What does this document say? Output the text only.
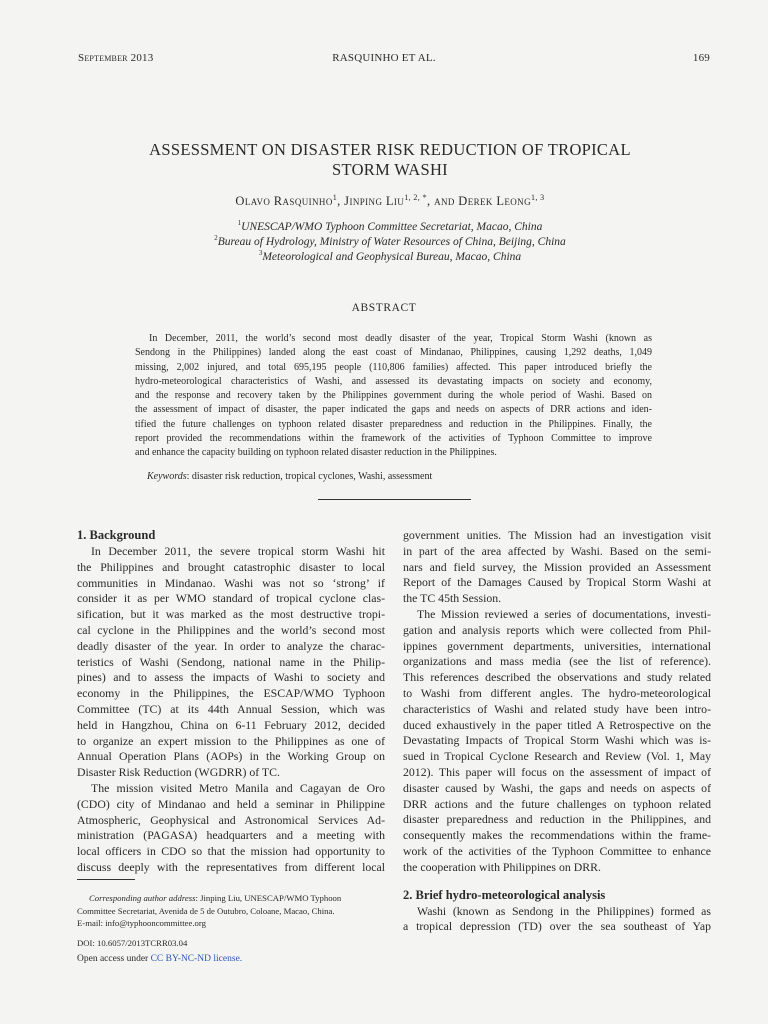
September 2013	RASQUINHO ET AL.	169
ASSESSMENT ON DISASTER RISK REDUCTION OF TROPICAL
STORM WASHI
Olavo Rasquinho$^1$, Jinping Liu$^{1, 2, *}$, and Derek Leong$^{1, 3}$
$^1$UNESCAP/WMO Typhoon Committee Secretariat, Macao, China
$^2$Bureau of Hydrology, Ministry of Water Resources of China, Beijing, China
$^3$Meteorological and Geophysical Bureau, Macao, China
ABSTRACT
In December, 2011, the world’s second most deadly disaster of the year, Tropical Storm Washi (known as
Sendong in the Philippines) landed along the east coast of Mindanao, Philippines, causing 1,292 deaths, 1,049
missing, 2,002 injured, and total 695,195 people (110,806 families) affected. This paper introduced briefly the
hydro-meteorological characteristics of Washi, and assessed its devastating impacts on society and economy,
and the response and recovery taken by the Philippines government during the whole period of Washi. Based on
the assessment of impact of disaster, the paper indicated the gaps and needs on aspects of DRR actions and iden-
tified the future challenges on typhoon related disaster preparedness and reduction in the Philippines. Finally, the
report provided the recommendations within the framework of the activities of Typhoon Committee to improve
and enhance the capacity building on typhoon related disaster reduction in the Philippines.
Keywords: disaster risk reduction, tropical cyclones, Washi, assessment
1. Background
In December 2011, the severe tropical storm Washi hit
the Philippines and brought catastrophic disaster to local
communities in Mindanao. Washi was not so ‘strong’ if
consider it as per WMO standard of tropical cyclone clas-
sification, but it was marked as the most destructive tropi-
cal cyclone in the Philippines and the world’s second most
deadly disaster of the year. In order to analyze the charac-
teristics of Washi (Sendong, national name in the Philip-
pines) and to assess the impacts of Washi to society and
economy in the Philippines, the ESCAP/WMO Typhoon
Committee (TC) at its 44th Annual Session, which was
held in Hangzhou, China on 6-11 February 2012, decided
to organize an expert mission to the Philippines as one of
Annual Operation Plans (AOPs) in the Working Group on
Disaster Risk Reduction (WGDRR) of TC.
The mission visited Metro Manila and Cagayan de Oro
(CDO) city of Mindanao and held a seminar in Philippine
Atmospheric, Geophysical and Astronomical Services Ad-
ministration (PAGASA) headquarters and a meeting with
local officers in CDO so that the mission had opportunity to
discuss deeply with the representatives from different local
government unities. The Mission had an investigation visit
in part of the area affected by Washi. Based on the semi-
nars and field survey, the Mission provided an Assessment
Report of the Damages Caused by Tropical Storm Washi at
the TC 45th Session.
The Mission reviewed a series of documentations, investi-
gation and analysis reports which were collected from Phil-
ippines government departments, universities, international
organizations and mass media (see the list of reference).
This references described the observations and study related
to Washi from different angles. The hydro-meteorological
characteristics of Washi and related study have been intro-
duced exhaustively in the paper titled A Retrospective on the
Devastating Impacts of Tropical Storm Washi which was is-
sued in Tropical Cyclone Research and Review (Vol. 1, May
2012). This paper will focus on the assessment of impact of
disaster caused by Washi, the gaps and needs on aspects of
DRR actions and the future challenges on typhoon related
disaster preparedness and reduction in the Philippines, and
consequently makes the recommendations within the frame-
work of the activities of the Typhoon Committee to enhance
the cooperation with Philippines on DRR.
2. Brief hydro-meteorological analysis
Washi (known as Sendong in the Philippines) formed as
a tropical depression (TD) over the sea southeast of Yap
Corresponding author address: Jinping Liu, UNESCAP/WMO Typhoon
Committee Secretariat, Avenida de 5 de Outubro, Coloane, Macao, China.
E-mail: info@typhooncommittee.org
DOI: 10.6057/2013TCRR03.04
Open access under CC BY-NC-ND license.
